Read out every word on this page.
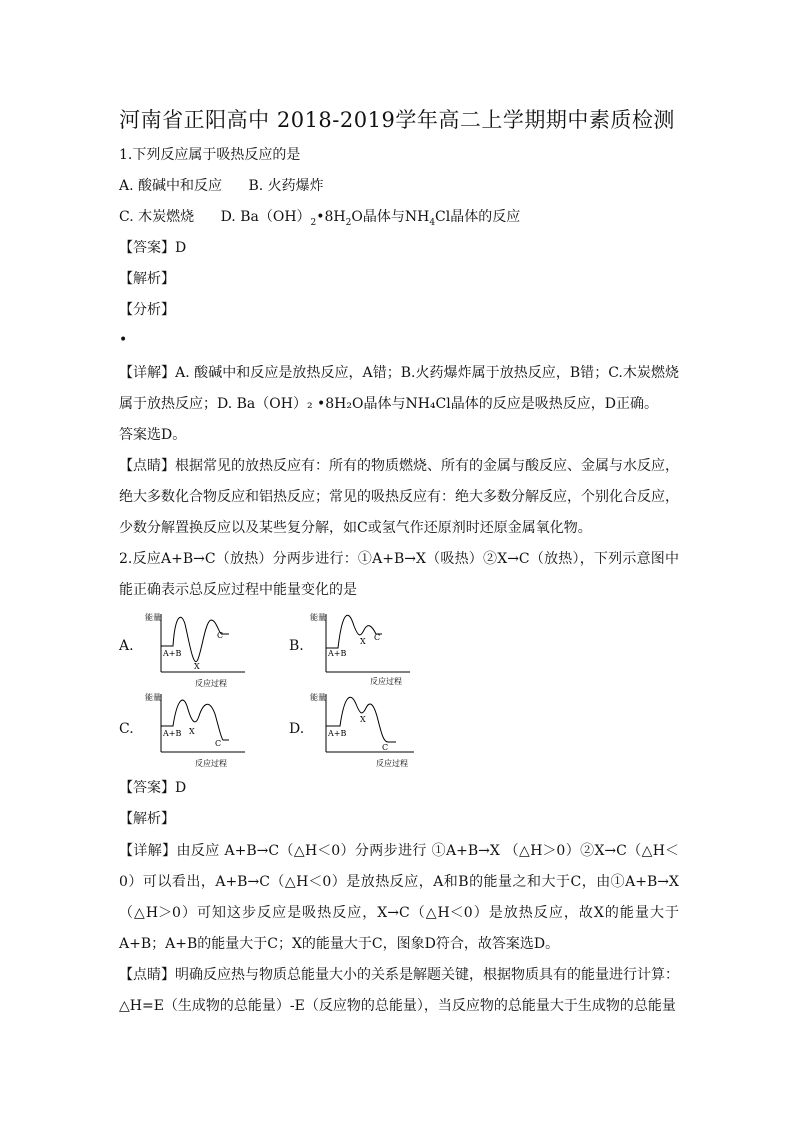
河南省正阳高中 2018-2019学年高二上学期期中素质检测
1.下列反应属于吸热反应的是
A. 酸碱中和反应 B. 火药爆炸
C. 木炭燃烧 D. $Ba(OH)_2•8H_2O$晶体与$NH_4Cl$晶体的反应
【答案】D
【解析】
【分析】
•
【详解】A. 酸碱中和反应是放热反应，A错；B.火药爆炸属于放热反应，B错；C.木炭燃烧属于放热反应；D. Ba（OH）₂ •8H₂O晶体与NH₄Cl晶体的反应是吸热反应，D正确。
答案选D。
【点睛】根据常见的放热反应有：所有的物质燃烧、所有的金属与酸反应、金属与水反应，绝大多数化合物反应和铝热反应；常见的吸热反应有：绝大多数分解反应，个别化合反应，少数分解置换反应以及某些复分解，如C或氢气作还原剂时还原金属氧化物。
2.反应A+B→C（放热）分两步进行：①A+B→X（吸热）②X→C（放热），下列示意图中能正确表示总反应过程中能量变化的是
A.	B.
C.	D.
能量
A+B
X
C
反应过程
能量
A+B
X C
反应过程
能量
A+B X
C
反应过程
能量
A+B
X
C
反应过程
【答案】D
【解析】
【详解】由反应 A+B→C（△H＜0）分两步进行 ①A+B→X （△H＞0）②X→C（△H＜0）可以看出，A+B→C（△H＜0）是放热反应，A和B的能量之和大于C，由①A+B→X （△H＞0）可知这步反应是吸热反应，X→C（△H＜0）是放热反应，故X的能量大于A+B；A+B的能量大于C；X的能量大于C，图象D符合，故答案选D。
【点睛】明确反应热与物质总能量大小的关系是解题关键，根据物质具有的能量进行计算：△H=E（生成物的总能量）-E（反应物的总能量），当反应物的总能量大于生成物的总能量
